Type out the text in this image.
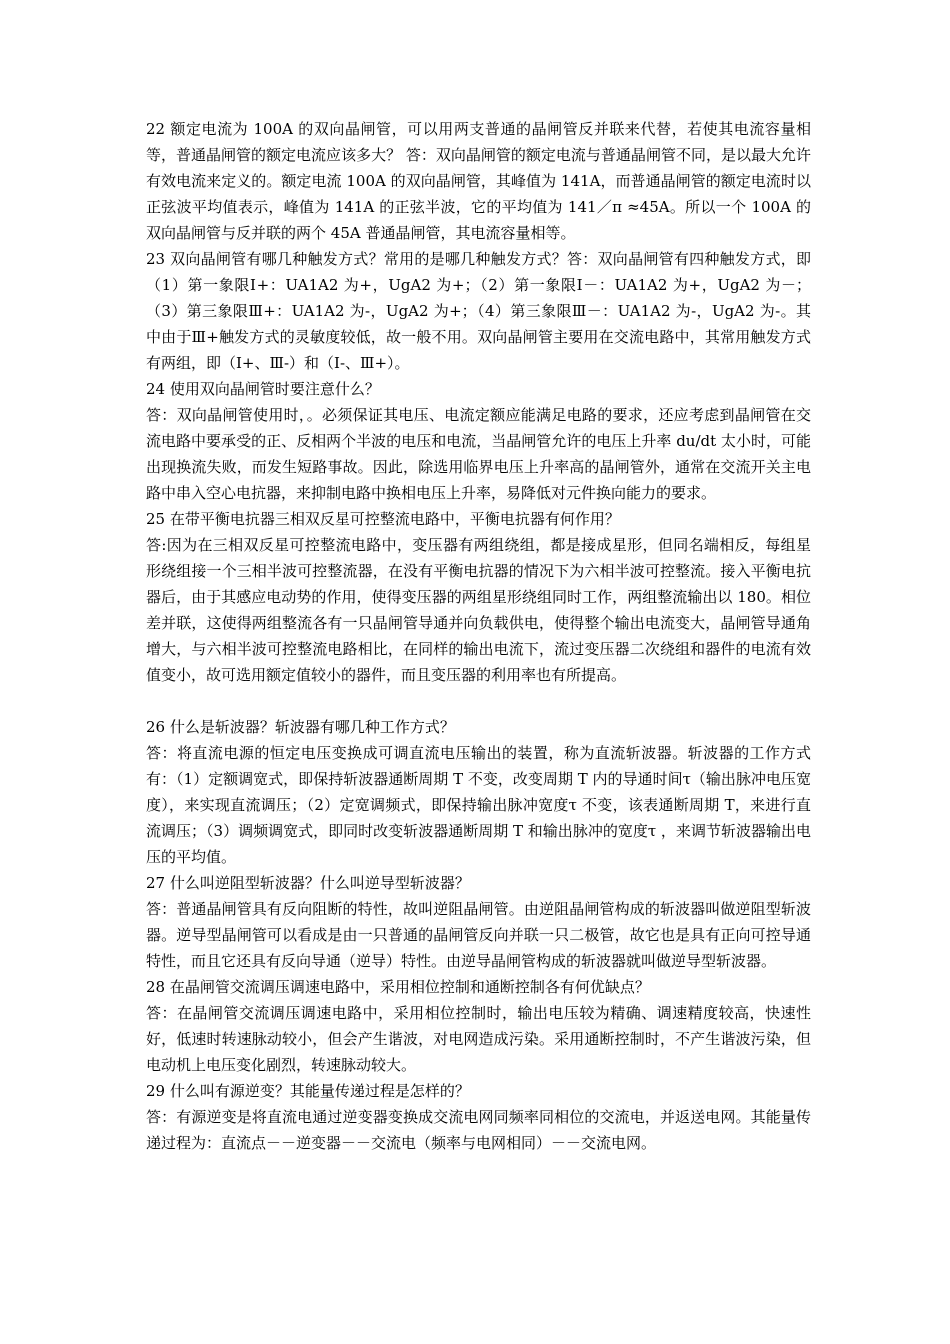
22 额定电流为 100A 的双向晶闸管，可以用两支普通的晶闸管反并联来代替，若使其电流容量相等，普通晶闸管的额定电流应该多大？ 答：双向晶闸管的额定电流与普通晶闸管不同，是以最大允许有效电流来定义的。额定电流 100A 的双向晶闸管，其峰值为 141A，而普通晶闸管的额定电流时以正弦波平均值表示，峰值为 141A 的正弦半波，它的平均值为 141／π ≈45A。所以一个 100A 的双向晶闸管与反并联的两个 45A 普通晶闸管，其电流容量相等。

23 双向晶闸管有哪几种触发方式？常用的是哪几种触发方式？答：双向晶闸管有四种触发方式，即（1）第一象限Ⅰ+：UA1A2 为+，UgA2 为+；（2）第一象限Ⅰ－：UA1A2 为+，UgA2 为－；（3）第三象限Ⅲ+：UA1A2 为-，UgA2 为+；（4）第三象限Ⅲ－：UA1A2 为-，UgA2 为-。其中由于Ⅲ+触发方式的灵敏度较低，故一般不用。双向晶闸管主要用在交流电路中，其常用触发方式有两组，即（Ⅰ+、Ⅲ-）和（Ⅰ-、Ⅲ+）。

24 使用双向晶闸管时要注意什么？

答：双向晶闸管使用时，。必须保证其电压、电流定额应能满足电路的要求，还应考虑到晶闸管在交流电路中要承受的正、反相两个半波的电压和电流，当晶闸管允许的电压上升率 du/dt 太小时，可能出现换流失败，而发生短路事故。因此，除选用临界电压上升率高的晶闸管外，通常在交流开关主电路中串入空心电抗器，来抑制电路中换相电压上升率，易降低对元件换向能力的要求。

25 在带平衡电抗器三相双反星可控整流电路中，平衡电抗器有何作用？

答:因为在三相双反星可控整流电路中，变压器有两组绕组，都是接成星形，但同名端相反，每组星形绕组接一个三相半波可控整流器，在没有平衡电抗器的情况下为六相半波可控整流。接入平衡电抗器后，由于其感应电动势的作用，使得变压器的两组星形绕组同时工作，两组整流输出以 180。相位差并联，这使得两组整流各有一只晶闸管导通并向负载供电，使得整个输出电流变大，晶闸管导通角增大，与六相半波可控整流电路相比，在同样的输出电流下，流过变压器二次绕组和器件的电流有效值变小，故可选用额定值较小的器件，而且变压器的利用率也有所提高。

26 什么是斩波器？斩波器有哪几种工作方式？

答：将直流电源的恒定电压变换成可调直流电压输出的装置，称为直流斩波器。斩波器的工作方式有：（1）定额调宽式，即保持斩波器通断周期 T 不变，改变周期 T 内的导通时间τ（输出脉冲电压宽度），来实现直流调压；（2）定宽调频式，即保持输出脉冲宽度τ 不变，该表通断周期 T，来进行直流调压；（3）调频调宽式，即同时改变斩波器通断周期 T 和输出脉冲的宽度τ ，来调节斩波器输出电压的平均值。

27 什么叫逆阻型斩波器？什么叫逆导型斩波器？

答：普通晶闸管具有反向阻断的特性，故叫逆阻晶闸管。由逆阻晶闸管构成的斩波器叫做逆阻型斩波器。逆导型晶闸管可以看成是由一只普通的晶闸管反向并联一只二极管，故它也是具有正向可控导通特性，而且它还具有反向导通（逆导）特性。由逆导晶闸管构成的斩波器就叫做逆导型斩波器。

28 在晶闸管交流调压调速电路中，采用相位控制和通断控制各有何优缺点？

答：在晶闸管交流调压调速电路中，采用相位控制时，输出电压较为精确、调速精度较高，快速性好，低速时转速脉动较小，但会产生谐波，对电网造成污染。采用通断控制时，不产生谐波污染，但电动机上电压变化剧烈，转速脉动较大。

29 什么叫有源逆变？其能量传递过程是怎样的？

答：有源逆变是将直流电通过逆变器变换成交流电网同频率同相位的交流电，并返送电网。其能量传递过程为：直流点－－逆变器－－交流电（频率与电网相同）－－交流电网。
